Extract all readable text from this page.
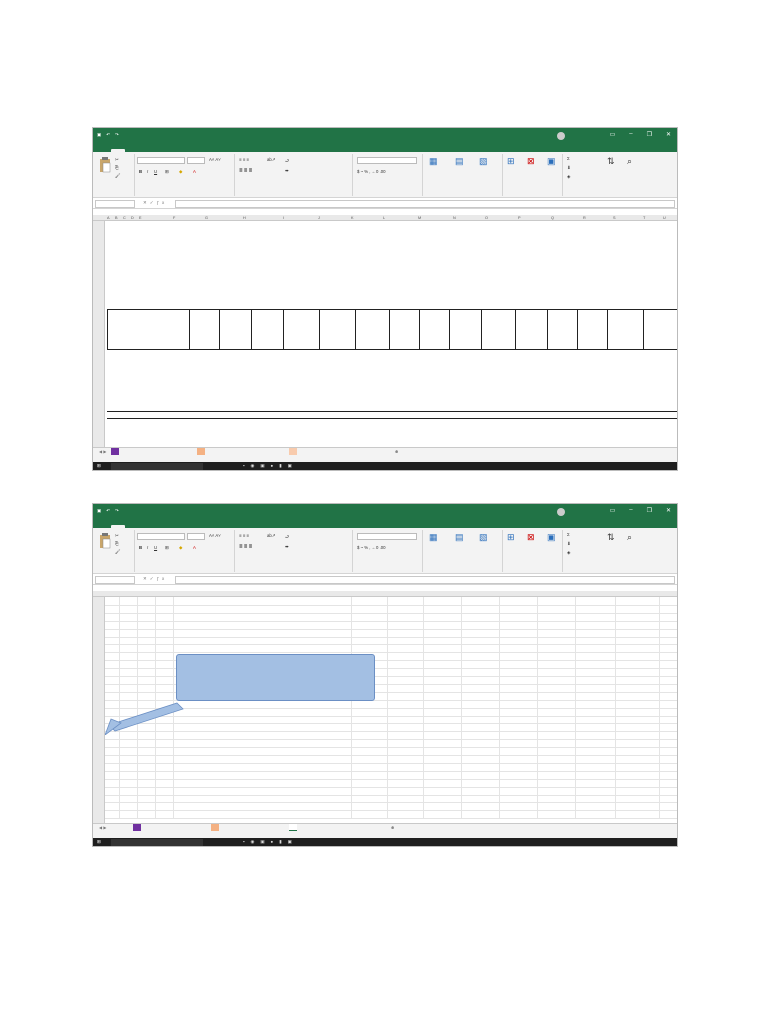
▣ ↶ ↷	▭ – ❐ ✕
✂
⎘
🖌
A˄ A˅
B I U ⊞ ◆ A
≡ ≡ ≡
≣ ≣ ≣
ab↗ ⮐
⬌	$ ~ % , ←0 .00
▦ ▤ ▧ ⊞ ⊠ ▣	Σ
⬇
◈
⇅ ⌕
✕✓ƒx
A B C D E	F	G	H	I	J	K	L	M	N	O	P	Q	R	S	T	U
◀ ▶	⊕
⊞	▪◉▣●▮▣

▣ ↶ ↷	▭ – ❐ ✕
✂
⎘
🖌
A˄ A˅
B I U ⊞ ◆ A
≡ ≡ ≡
≣ ≣ ≣
ab↗ ⮐
⬌	$ ~ % , ←0 .00
▦ ▤ ▧ ⊞ ⊠ ▣	Σ
⬇
◈
⇅ ⌕
✕✓ƒx
◀ ▶	⊕
⊞	▪◉▣●▮▣
